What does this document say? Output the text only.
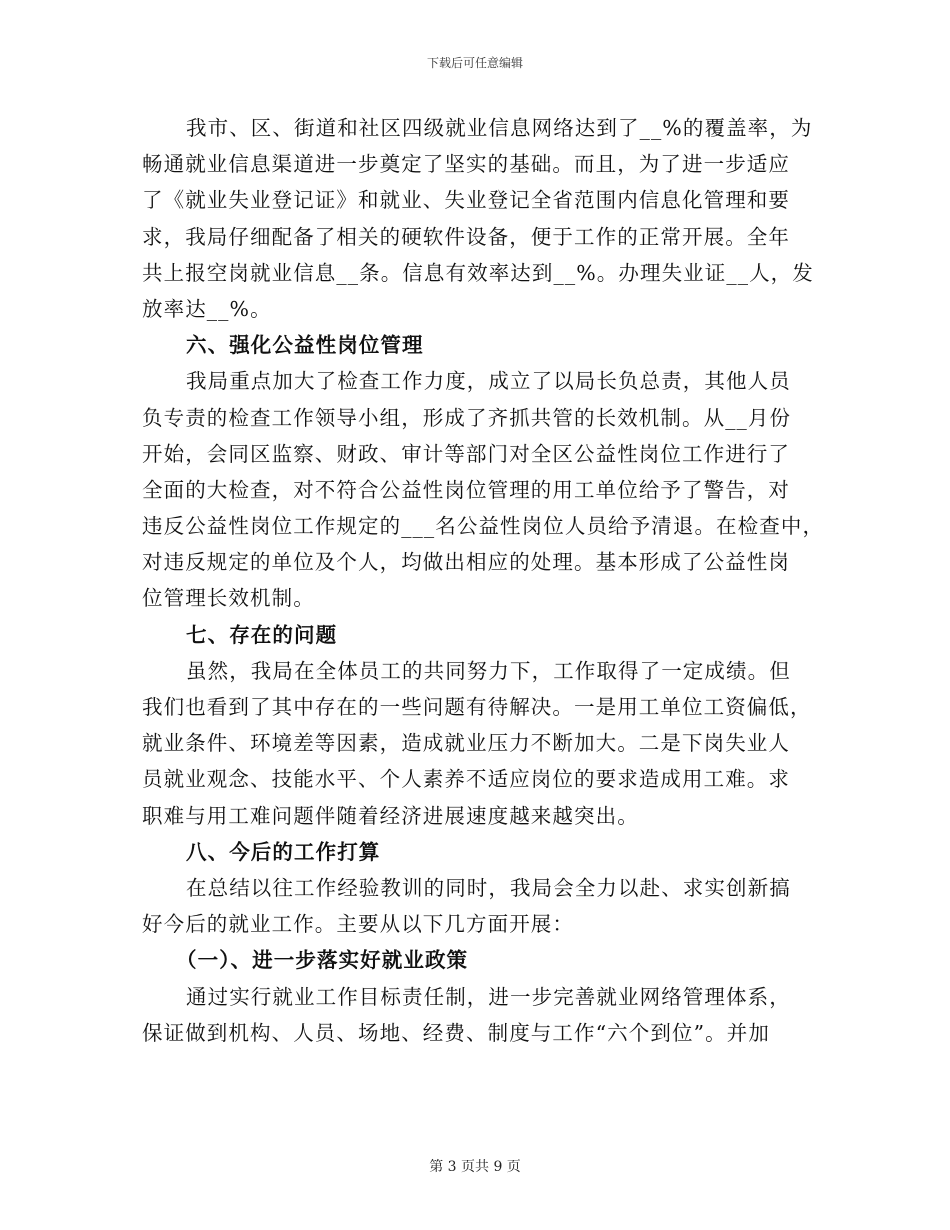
下载后可任意编辑
我市、区、街道和社区四级就业信息网络达到了__%的覆盖率，为
畅通就业信息渠道进一步奠定了坚实的基础。而且，为了进一步适应
了《就业失业登记证》和就业、失业登记全省范围内信息化管理和要
求，我局仔细配备了相关的硬软件设备，便于工作的正常开展。全年
共上报空岗就业信息__条。信息有效率达到__%。办理失业证__人，发
放率达__%。
六、强化公益性岗位管理
我局重点加大了检查工作力度，成立了以局长负总责，其他人员
负专责的检查工作领导小组，形成了齐抓共管的长效机制。从__月份
开始，会同区监察、财政、审计等部门对全区公益性岗位工作进行了
全面的大检查，对不符合公益性岗位管理的用工单位给予了警告，对
违反公益性岗位工作规定的___名公益性岗位人员给予清退。在检查中，
对违反规定的单位及个人，均做出相应的处理。基本形成了公益性岗
位管理长效机制。
七、存在的问题
虽然，我局在全体员工的共同努力下，工作取得了一定成绩。但
我们也看到了其中存在的一些问题有待解决。一是用工单位工资偏低，
就业条件、环境差等因素，造成就业压力不断加大。二是下岗失业人
员就业观念、技能水平、个人素养不适应岗位的要求造成用工难。求
职难与用工难问题伴随着经济进展速度越来越突出。
八、今后的工作打算
在总结以往工作经验教训的同时，我局会全力以赴、求实创新搞
好今后的就业工作。主要从以下几方面开展：
（一）、进一步落实好就业政策
通过实行就业工作目标责任制，进一步完善就业网络管理体系，
保证做到机构、人员、场地、经费、制度与工作“六个到位”。并加
第 3 页共 9 页
